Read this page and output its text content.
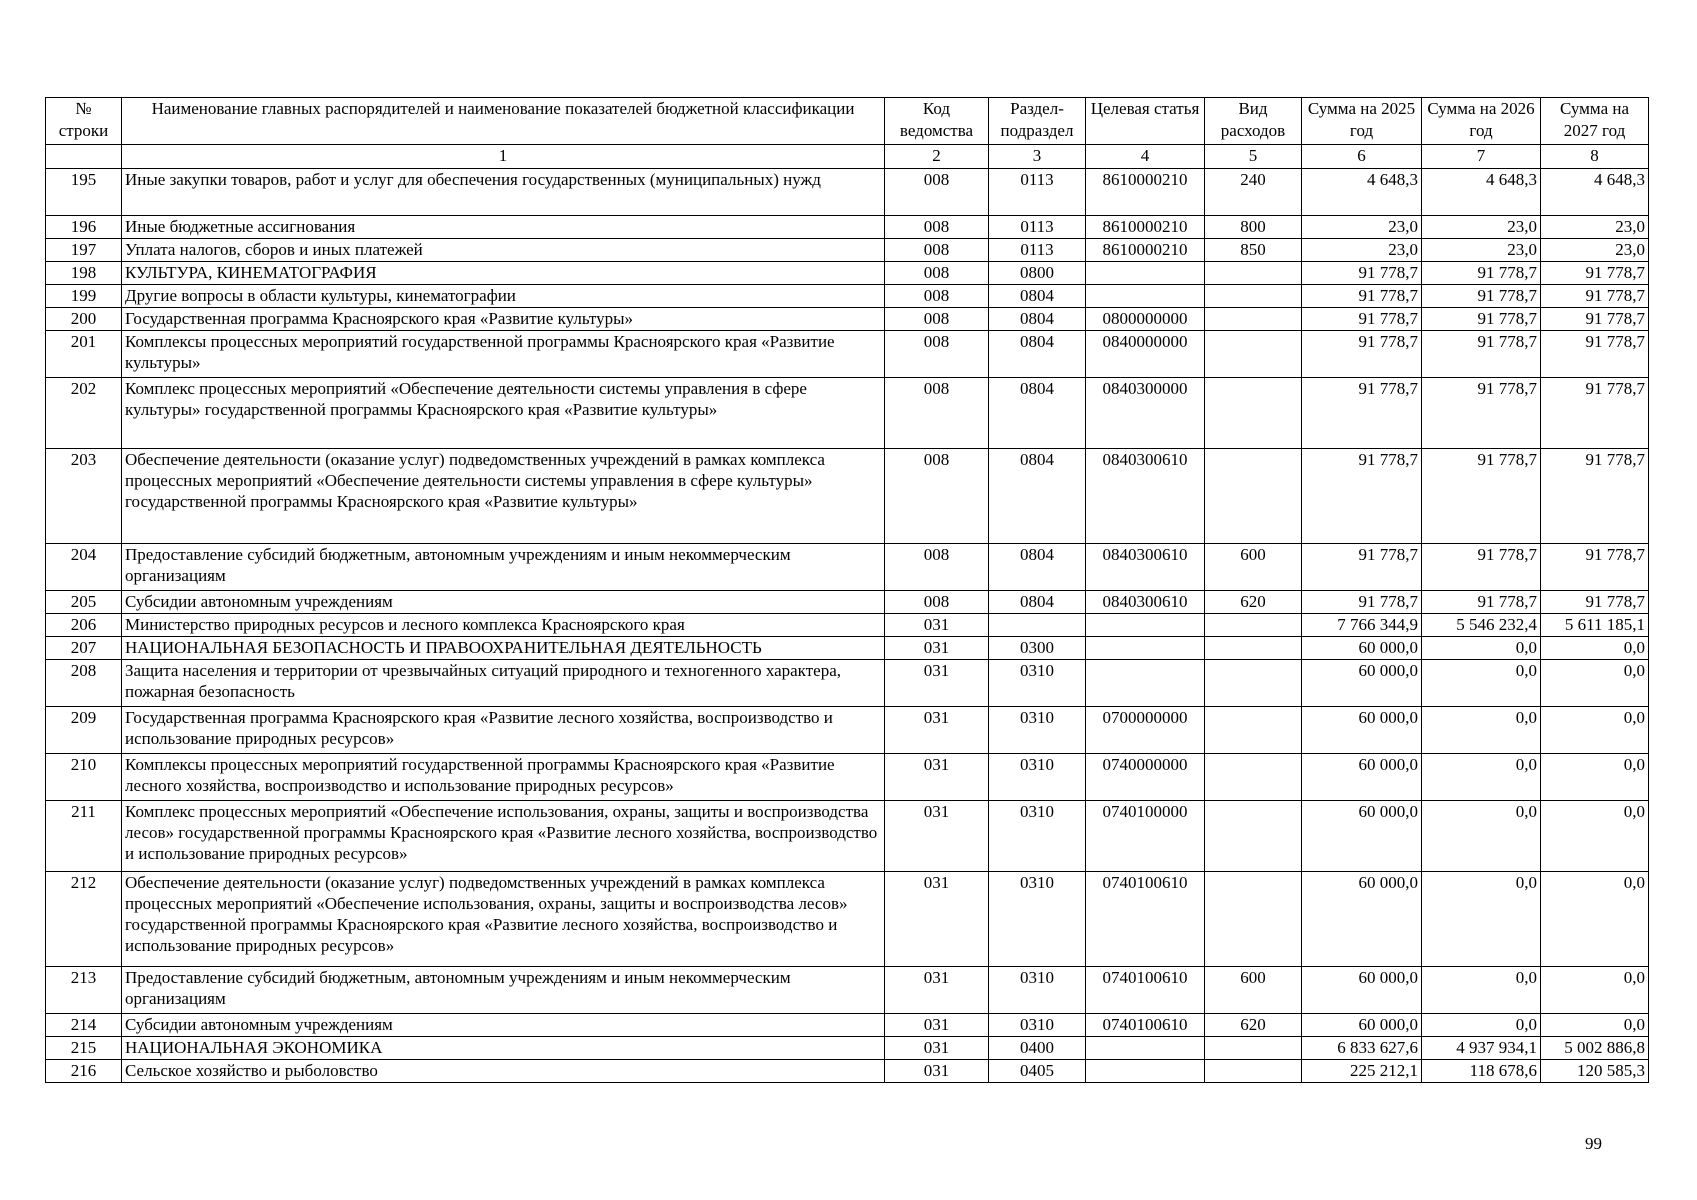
№ строки	Наименование главных распорядителей и наименование показателей бюджетной классификации	Код ведомства	Раздел-подраздел	Целевая статья	Вид расходов	Сумма на 2025 год	Сумма на 2026 год	Сумма на 2027 год
	1	2	3	4	5	6	7	8
195	Иные закупки товаров, работ и услуг для обеспечения государственных (муниципальных) нужд	008	0113	8610000210	240	4 648,3	4 648,3	4 648,3
196	Иные бюджетные ассигнования	008	0113	8610000210	800	23,0	23,0	23,0
197	Уплата налогов, сборов и иных платежей	008	0113	8610000210	850	23,0	23,0	23,0
198	КУЛЬТУРА, КИНЕМАТОГРАФИЯ	008	0800			91 778,7	91 778,7	91 778,7
199	Другие вопросы в области культуры, кинематографии	008	0804			91 778,7	91 778,7	91 778,7
200	Государственная программа Красноярского края «Развитие культуры»	008	0804	0800000000		91 778,7	91 778,7	91 778,7
201	Комплексы процессных мероприятий государственной программы Красноярского края «Развитие культуры»	008	0804	0840000000		91 778,7	91 778,7	91 778,7
202	Комплекс процессных мероприятий «Обеспечение деятельности системы управления в сфере культуры» государственной программы Красноярского края «Развитие культуры»	008	0804	0840300000		91 778,7	91 778,7	91 778,7
203	Обеспечение деятельности (оказание услуг) подведомственных учреждений в рамках комплекса процессных мероприятий «Обеспечение деятельности системы управления в сфере культуры» государственной программы Красноярского края «Развитие культуры»	008	0804	0840300610		91 778,7	91 778,7	91 778,7
204	Предоставление субсидий бюджетным, автономным учреждениям и иным некоммерческим организациям	008	0804	0840300610	600	91 778,7	91 778,7	91 778,7
205	Субсидии автономным учреждениям	008	0804	0840300610	620	91 778,7	91 778,7	91 778,7
206	Министерство природных ресурсов и лесного комплекса Красноярского края	031				7 766 344,9	5 546 232,4	5 611 185,1
207	НАЦИОНАЛЬНАЯ БЕЗОПАСНОСТЬ И ПРАВООХРАНИТЕЛЬНАЯ ДЕЯТЕЛЬНОСТЬ	031	0300			60 000,0	0,0	0,0
208	Защита населения и территории от чрезвычайных ситуаций природного и техногенного характера, пожарная безопасность	031	0310			60 000,0	0,0	0,0
209	Государственная программа Красноярского края «Развитие лесного хозяйства, воспроизводство и использование природных ресурсов»	031	0310	0700000000		60 000,0	0,0	0,0
210	Комплексы процессных мероприятий государственной программы Красноярского края «Развитие лесного хозяйства, воспроизводство и использование природных ресурсов»	031	0310	0740000000		60 000,0	0,0	0,0
211	Комплекс процессных мероприятий «Обеспечение использования, охраны, защиты и воспроизводства лесов» государственной программы Красноярского края «Развитие лесного хозяйства, воспроизводство и использование природных ресурсов»	031	0310	0740100000		60 000,0	0,0	0,0
212	Обеспечение деятельности (оказание услуг) подведомственных учреждений в рамках комплекса процессных мероприятий «Обеспечение использования, охраны, защиты и воспроизводства лесов» государственной программы Красноярского края «Развитие лесного хозяйства, воспроизводство и использование природных ресурсов»	031	0310	0740100610		60 000,0	0,0	0,0
213	Предоставление субсидий бюджетным, автономным учреждениям и иным некоммерческим организациям	031	0310	0740100610	600	60 000,0	0,0	0,0
214	Субсидии автономным учреждениям	031	0310	0740100610	620	60 000,0	0,0	0,0
215	НАЦИОНАЛЬНАЯ ЭКОНОМИКА	031	0400			6 833 627,6	4 937 934,1	5 002 886,8
216	Сельское хозяйство и рыболовство	031	0405			225 212,1	118 678,6	120 585,3
99
